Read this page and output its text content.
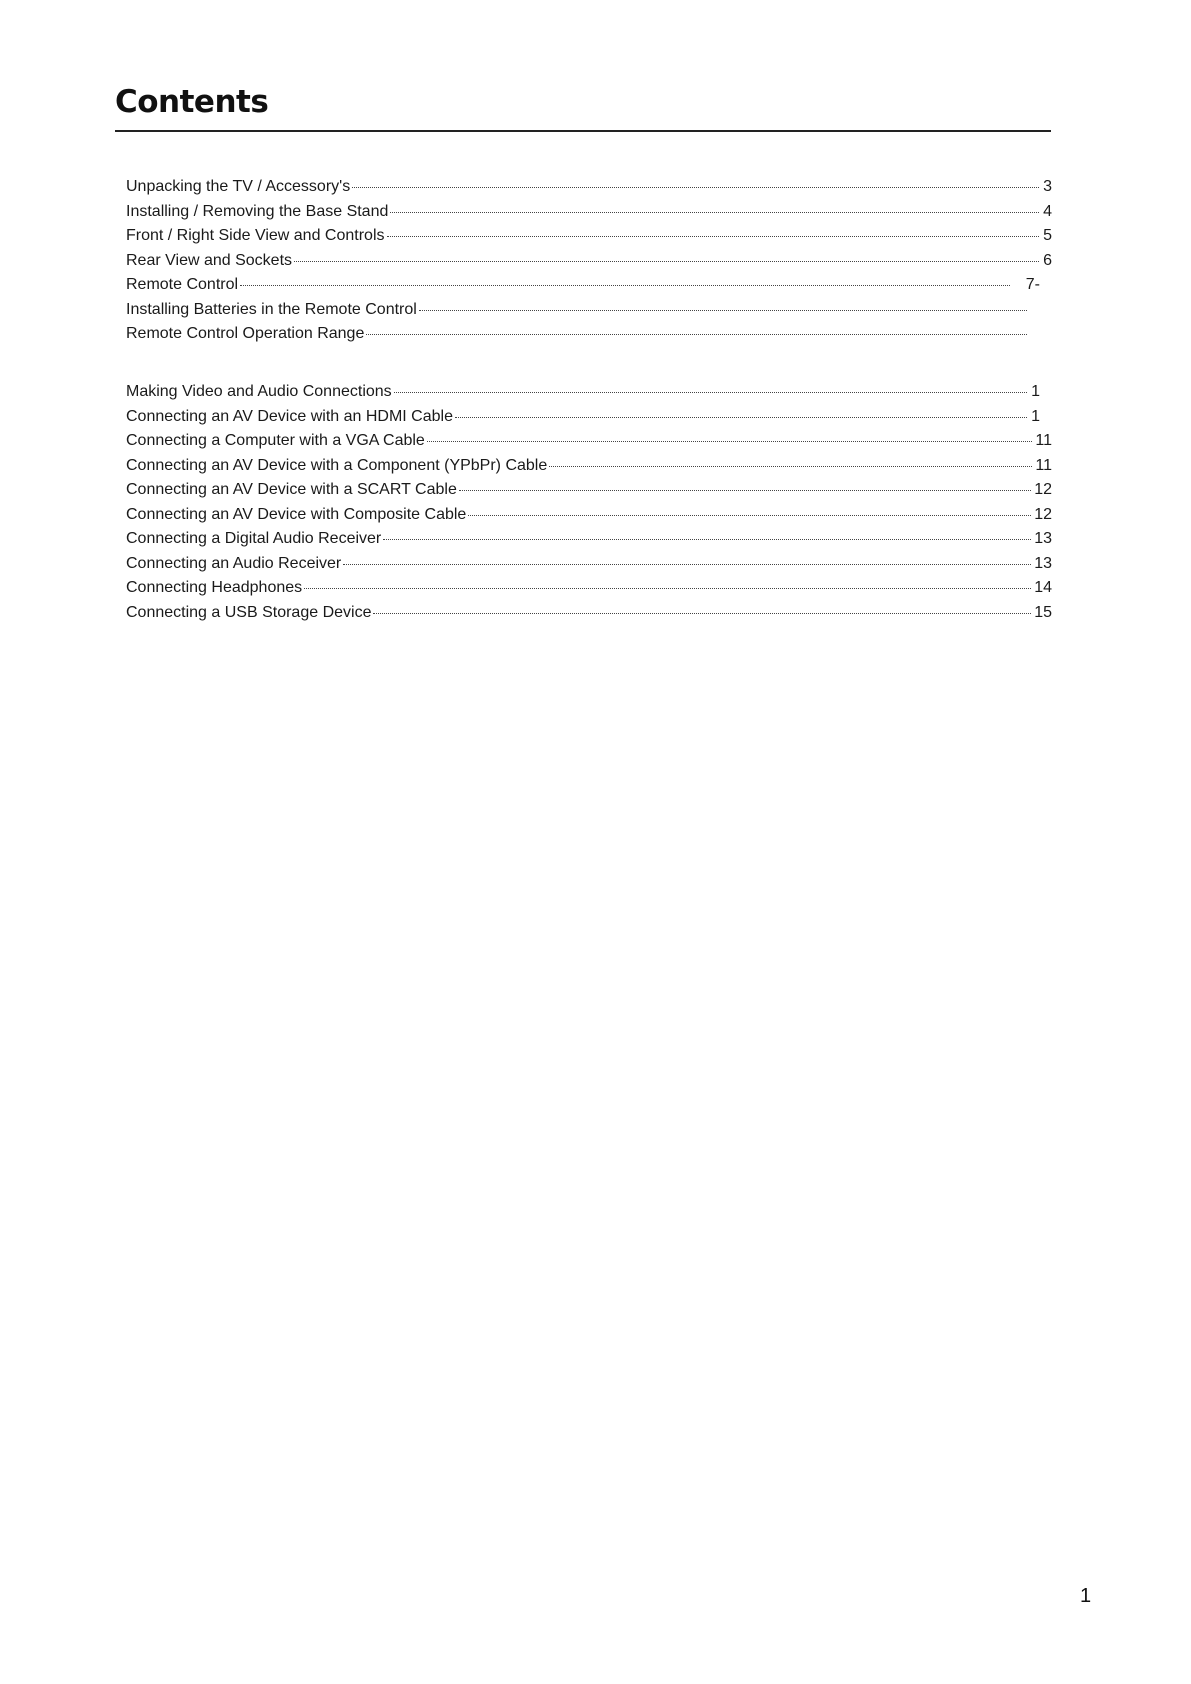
Contents
Unpacking the TV / Accessory's	3
Installing / Removing the Base Stand	4
Front / Right Side View and Controls	5
Rear View and Sockets	6
Remote Control	7-
Installing Batteries in the Remote Control
Remote Control Operation Range
Making Video and Audio Connections	1
Connecting an AV Device with an HDMI Cable	1
Connecting a Computer with a VGA Cable	11
Connecting an AV Device with a Component (YPbPr) Cable	11
Connecting an AV Device with a SCART Cable	12
Connecting an AV Device with Composite Cable	12
Connecting a Digital Audio Receiver	13
Connecting an Audio Receiver	13
Connecting Headphones	14
Connecting a USB Storage Device	15
1
